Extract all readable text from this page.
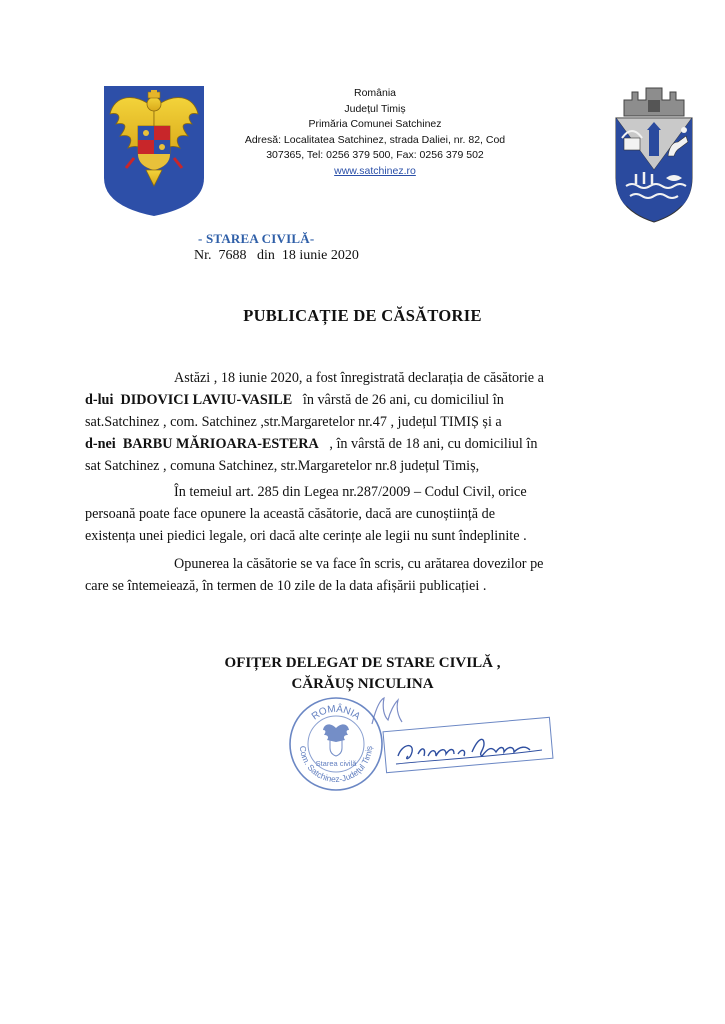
România
Județul Timiș
Primăria Comunei Satchinez
Adresă: Localitatea Satchinez, strada Daliei, nr. 82, Cod
307365, Tel: 0256 379 500, Fax: 0256 379 502
www.satchinez.ro
- STAREA CIVILĂ-
Nr. 7688 din 18 iunie 2020
PUBLICAȚIE DE CĂSĂTORIE
Astăzi , 18 iunie 2020, a fost înregistrată declarația de căsătorie a
d-lui DIDOVICI LAVIU-VASILE în vârstă de 26 ani, cu domiciliul în
sat.Satchinez , com. Satchinez ,str.Margaretelor nr.47 , județul TIMIȘ și a
d-nei BARBU MĂRIOARA-ESTERA   , în vârstă de 18 ani, cu domiciliul în
sat Satchinez , comuna Satchinez, str.Margaretelor nr.8 județul Timiș,
În temeiul art. 285 din Legea nr.287/2009 – Codul Civil, orice
persoană poate face opunere la această căsătorie, dacă are cunoștiință de
existența unei piedici legale, ori dacă alte cerințe ale legii nu sunt îndeplinite .
Opunerea la căsătorie se va face în scris, cu arătarea dovezilor pe
care se întemeiează, în termen de 10 zile de la data afișării publicației .
OFIȚER DELEGAT DE STARE CIVILĂ ,
CĂRĂUȘ NICULINA
ROMÂNIA
Com. Satchinez-Județul Timiș
Starea civilă
